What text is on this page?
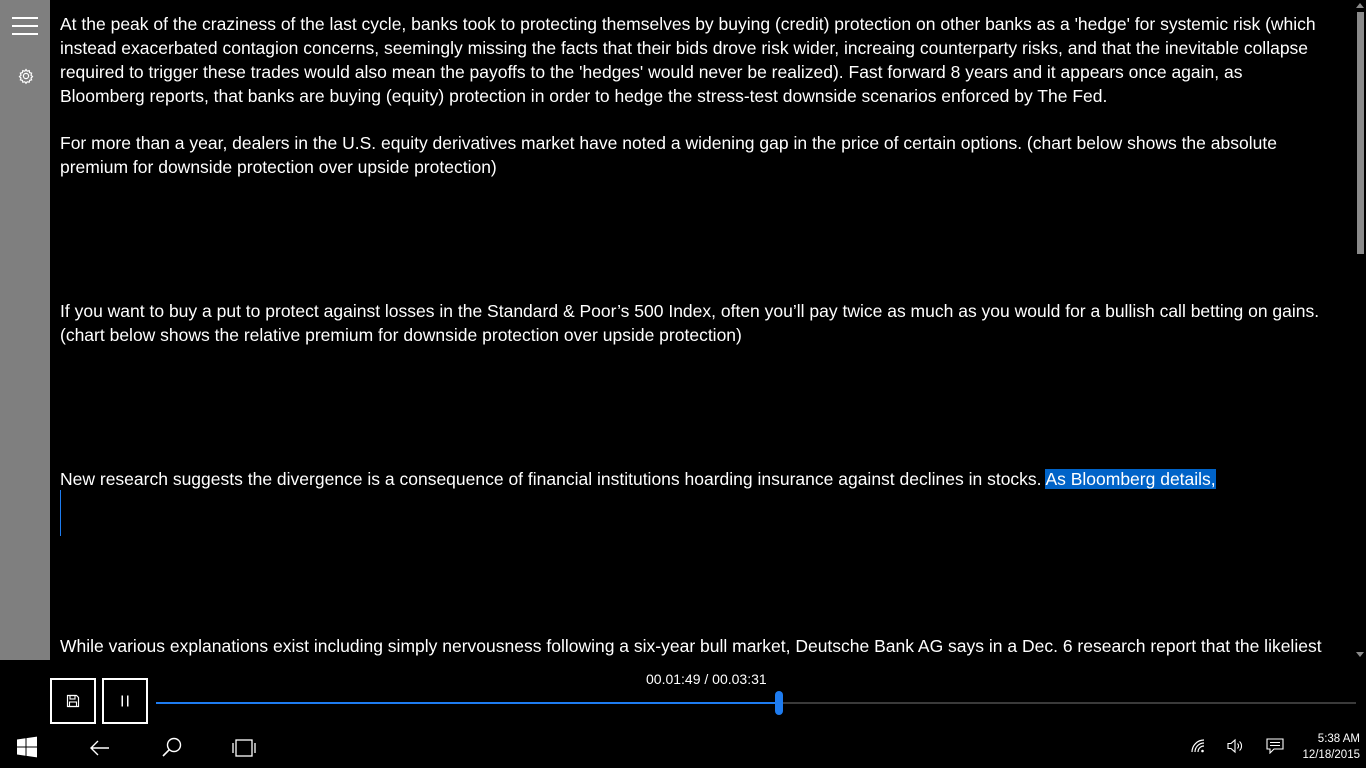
At the peak of the craziness of the last cycle, banks took to protecting themselves by buying (credit) protection on other banks as a 'hedge' for systemic risk (which

instead exacerbated contagion concerns, seemingly missing the facts that their bids drove risk wider, increaing counterparty risks, and that the inevitable collapse

required to trigger these trades would also mean the payoffs to the 'hedges' would never be realized). Fast forward 8 years and it appears once again, as

Bloomberg reports, that banks are buying (equity) protection in order to hedge the stress-test downside scenarios enforced by The Fed.

For more than a year, dealers in the U.S. equity derivatives market have noted a widening gap in the price of certain options. (chart below shows the absolute

premium for downside protection over upside protection)

If you want to buy a put to protect against losses in the Standard & Poor’s 500 Index, often you’ll pay twice as much as you would for a bullish call betting on gains.

(chart below shows the relative premium for downside protection over upside protection)

New research suggests the divergence is a consequence of financial institutions hoarding insurance against declines in stocks. As Bloomberg details,

While various explanations exist including simply nervousness following a six-year bull market, Deutsche Bank AG says in a Dec. 6 research report that the likeliest

00.01:49 / 00.03:31
5:38 AM
12/18/2015
